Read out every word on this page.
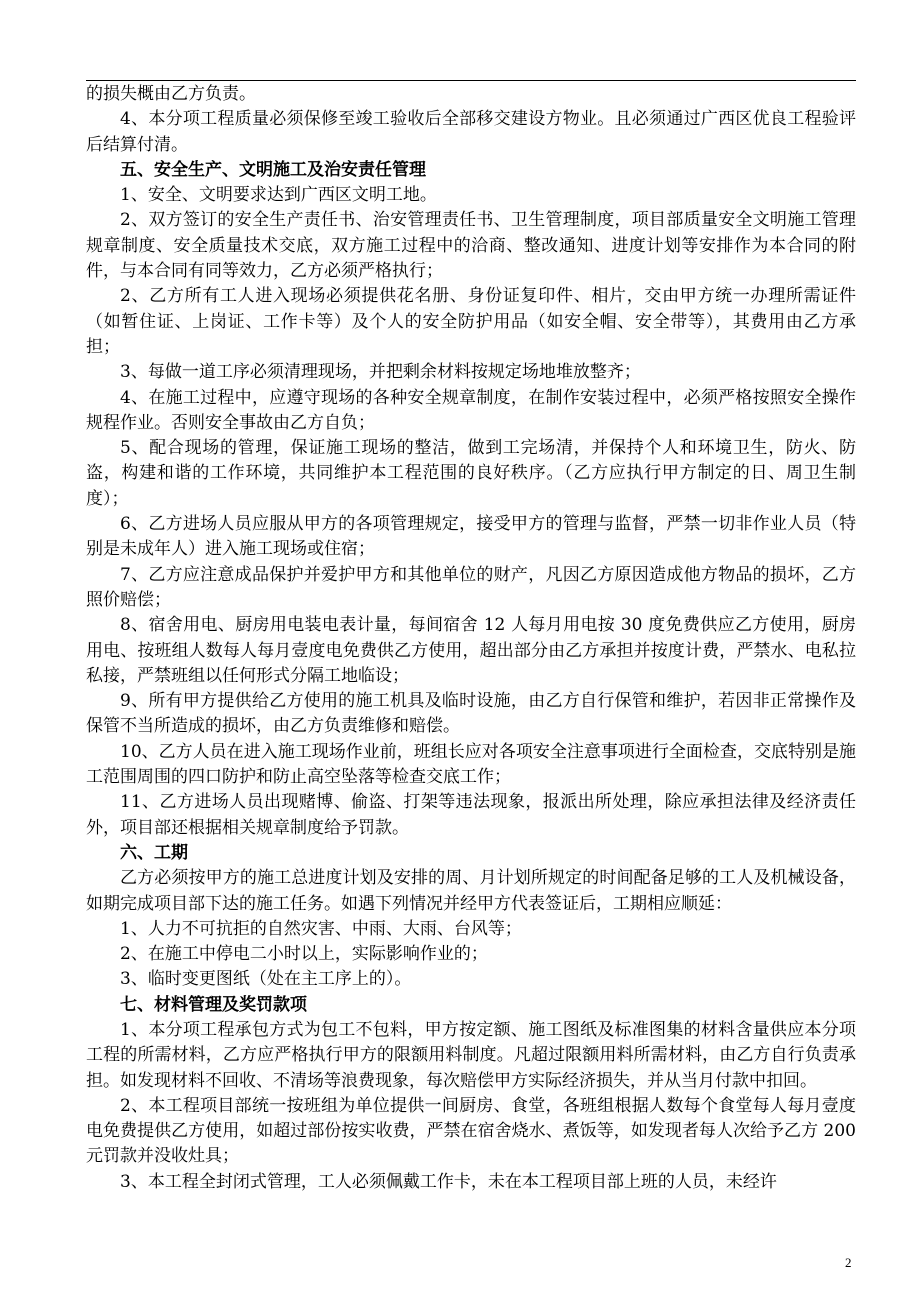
的损失概由乙方负责。

4、本分项工程质量必须保修至竣工验收后全部移交建设方物业。且必须通过广西区优良工程验评后结算付清。

五、安全生产、文明施工及治安责任管理

1、安全、文明要求达到广西区文明工地。

2、双方签订的安全生产责任书、治安管理责任书、卫生管理制度，项目部质量安全文明施工管理规章制度、安全质量技术交底，双方施工过程中的洽商、整改通知、进度计划等安排作为本合同的附件，与本合同有同等效力，乙方必须严格执行；

2、乙方所有工人进入现场必须提供花名册、身份证复印件、相片，交由甲方统一办理所需证件（如暂住证、上岗证、工作卡等）及个人的安全防护用品（如安全帽、安全带等），其费用由乙方承担；

3、每做一道工序必须清理现场，并把剩余材料按规定场地堆放整齐；

4、在施工过程中，应遵守现场的各种安全规章制度，在制作安装过程中，必须严格按照安全操作规程作业。否则安全事故由乙方自负；

5、配合现场的管理，保证施工现场的整洁，做到工完场清，并保持个人和环境卫生，防火、防盗，构建和谐的工作环境，共同维护本工程范围的良好秩序。（乙方应执行甲方制定的日、周卫生制度）；

6、乙方进场人员应服从甲方的各项管理规定，接受甲方的管理与监督，严禁一切非作业人员（特别是未成年人）进入施工现场或住宿；

7、乙方应注意成品保护并爱护甲方和其他单位的财产，凡因乙方原因造成他方物品的损坏，乙方照价赔偿；

8、宿舍用电、厨房用电装电表计量，每间宿舍 12 人每月用电按 30 度免费供应乙方使用，厨房用电、按班组人数每人每月壹度电免费供乙方使用，超出部分由乙方承担并按度计费，严禁水、电私拉私接，严禁班组以任何形式分隔工地临设；

9、所有甲方提供给乙方使用的施工机具及临时设施，由乙方自行保管和维护，若因非正常操作及保管不当所造成的损坏，由乙方负责维修和赔偿。

10、乙方人员在进入施工现场作业前，班组长应对各项安全注意事项进行全面检查，交底特别是施工范围周围的四口防护和防止高空坠落等检查交底工作；

11、乙方进场人员出现赌博、偷盗、打架等违法现象，报派出所处理，除应承担法律及经济责任外，项目部还根据相关规章制度给予罚款。

六、工期

乙方必须按甲方的施工总进度计划及安排的周、月计划所规定的时间配备足够的工人及机械设备，如期完成项目部下达的施工任务。如遇下列情况并经甲方代表签证后，工期相应顺延：

1、人力不可抗拒的自然灾害、中雨、大雨、台风等；

2、在施工中停电二小时以上，实际影响作业的；

3、临时变更图纸（处在主工序上的）。

七、材料管理及奖罚款项

1、本分项工程承包方式为包工不包料，甲方按定额、施工图纸及标准图集的材料含量供应本分项工程的所需材料，乙方应严格执行甲方的限额用料制度。凡超过限额用料所需材料，由乙方自行负责承担。如发现材料不回收、不清场等浪费现象，每次赔偿甲方实际经济损失，并从当月付款中扣回。

2、本工程项目部统一按班组为单位提供一间厨房、食堂，各班组根据人数每个食堂每人每月壹度电免费提供乙方使用，如超过部份按实收费，严禁在宿舍烧水、煮饭等，如发现者每人次给予乙方 200 元罚款并没收灶具；

3、本工程全封闭式管理，工人必须佩戴工作卡，未在本工程项目部上班的人员，未经许

2
